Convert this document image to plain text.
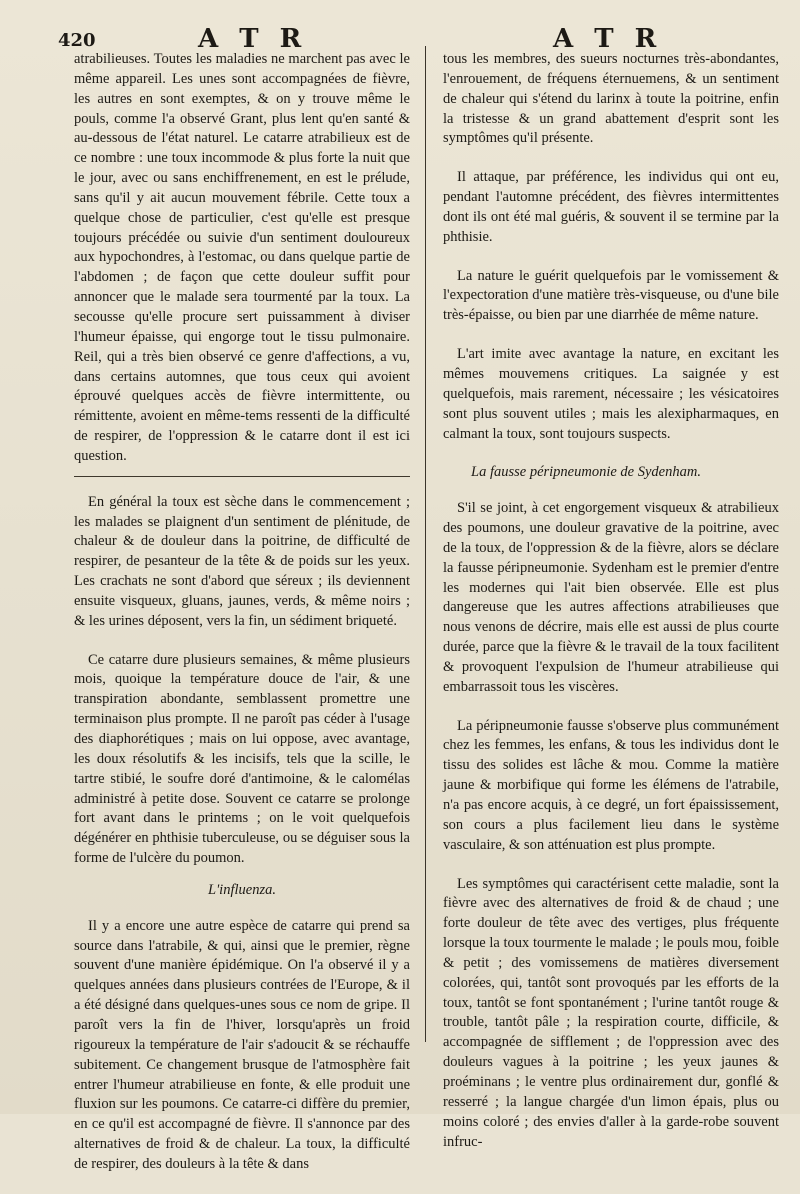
420	A T R	A T R

atrabilieuses. Toutes les maladies ne marchent pas avec le même appareil. Les unes sont accompagnées de fièvre, les autres en sont exemptes, & on y trouve même le pouls, comme l'a observé Grant, plus lent qu'en santé & au-dessous de l'état naturel. Le catarre atrabilieux est de ce nombre : une toux incommode & plus forte la nuit que le jour, avec ou sans enchiffrenement, en est le prélude, sans qu'il y ait aucun mouvement fébrile. Cette toux a quelque chose de particulier, c'est qu'elle est presque toujours précédée ou suivie d'un sentiment douloureux aux hypochondres, à l'estomac, ou dans quelque partie de l'abdomen ; de façon que cette douleur suffit pour annoncer que le malade sera tourmenté par la toux. La secousse qu'elle procure sert puissamment à diviser l'humeur épaisse, qui engorge tout le tissu pulmonaire. Reil, qui a très bien observé ce genre d'affections, a vu, dans certains automnes, que tous ceux qui avoient éprouvé quelques accès de fièvre intermittente, ou rémittente, avoient en même-tems ressenti de la difficulté de respirer, de l'oppression & le catarre dont il est ici question.

En général la toux est sèche dans le commencement ; les malades se plaignent d'un sentiment de plénitude, de chaleur & de douleur dans la poitrine, de difficulté de respirer, de pesanteur de la tête & de poids sur les yeux. Les crachats ne sont d'abord que séreux ; ils deviennent ensuite visqueux, gluans, jaunes, verds, & même noirs ; & les urines déposent, vers la fin, un sédiment briqueté.

Ce catarre dure plusieurs semaines, & même plusieurs mois, quoique la température douce de l'air, & une transpiration abondante, semblassent promettre une terminaison plus prompte. Il ne paroît pas céder à l'usage des diaphorétiques ; mais on lui oppose, avec avantage, les doux résolutifs & les incisifs, tels que la scille, le tartre stibié, le soufre doré d'antimoine, & le calomélas administré à petite dose. Souvent ce catarre se prolonge fort avant dans le printems ; on le voit quelquefois dégénérer en phthisie tuberculeuse, ou se déguiser sous la forme de l'ulcère du poumon.

L'influenza.

Il y a encore une autre espèce de catarre qui prend sa source dans l'atrabile, & qui, ainsi que le premier, règne souvent d'une manière épidémique. On l'a observé il y a quelques années dans plusieurs contrées de l'Europe, & il a été désigné dans quelques-unes sous ce nom de gripe. Il paroît vers la fin de l'hiver, lorsqu'après un froid rigoureux la température de l'air s'adoucit & se réchauffe subitement. Ce changement brusque de l'atmosphère fait entrer l'humeur atrabilieuse en fonte, & elle produit une fluxion sur les poumons. Ce catarre-ci diffère du premier, en ce qu'il est accompagné de fièvre. Il s'annonce par des alternatives de froid & de chaleur. La toux, la difficulté de respirer, des douleurs à la tête & dans

tous les membres, des sueurs nocturnes très-abondantes, l'enrouement, de fréquens éternuemens, & un sentiment de chaleur qui s'étend du larinx à toute la poitrine, enfin la tristesse & un grand abattement d'esprit sont les symptômes qu'il présente.

Il attaque, par préférence, les individus qui ont eu, pendant l'automne précédent, des fièvres intermittentes dont ils ont été mal guéris, & souvent il se termine par la phthisie.

La nature le guérit quelquefois par le vomissement & l'expectoration d'une matière très-visqueuse, ou d'une bile très-épaisse, ou bien par une diarrhée de même nature.

L'art imite avec avantage la nature, en excitant les mêmes mouvemens critiques. La saignée y est quelquefois, mais rarement, nécessaire ; les vésicatoires sont plus souvent utiles ; mais les alexipharmaques, en calmant la toux, sont toujours suspects.

La fausse péripneumonie de Sydenham.

S'il se joint, à cet engorgement visqueux & atrabilieux des poumons, une douleur gravative de la poitrine, avec de la toux, de l'oppression & de la fièvre, alors se déclare la fausse péripneumonie. Sydenham est le premier d'entre les modernes qui l'ait bien observée. Elle est plus dangereuse que les autres affections atrabilieuses que nous venons de décrire, mais elle est aussi de plus courte durée, parce que la fièvre & le travail de la toux facilitent & provoquent l'expulsion de l'humeur atrabilieuse qui embarrassoit tous les viscères.

La péripneumonie fausse s'observe plus communément chez les femmes, les enfans, & tous les individus dont le tissu des solides est lâche & mou. Comme la matière jaune & morbifique qui forme les élémens de l'atrabile, n'a pas encore acquis, à ce degré, un fort épaississement, son cours a plus facilement lieu dans le système vasculaire, & son atténuation est plus prompte.

Les symptômes qui caractérisent cette maladie, sont la fièvre avec des alternatives de froid & de chaud ; une forte douleur de tête avec des vertiges, plus fréquente lorsque la toux tourmente le malade ; le pouls mou, foible & petit ; des vomissemens de matières diversement colorées, qui, tantôt sont provoqués par les efforts de la toux, tantôt se font spontanément ; l'urine tantôt rouge & trouble, tantôt pâle ; la respiration courte, difficile, & accompagnée de sifflement ; de l'oppression avec des douleurs vagues à la poitrine ; les yeux jaunes & proéminans ; le ventre plus ordinairement dur, gonflé & resserré ; la langue chargée d'un limon épais, plus ou moins coloré ; des envies d'aller à la garde-robe souvent infruc-
